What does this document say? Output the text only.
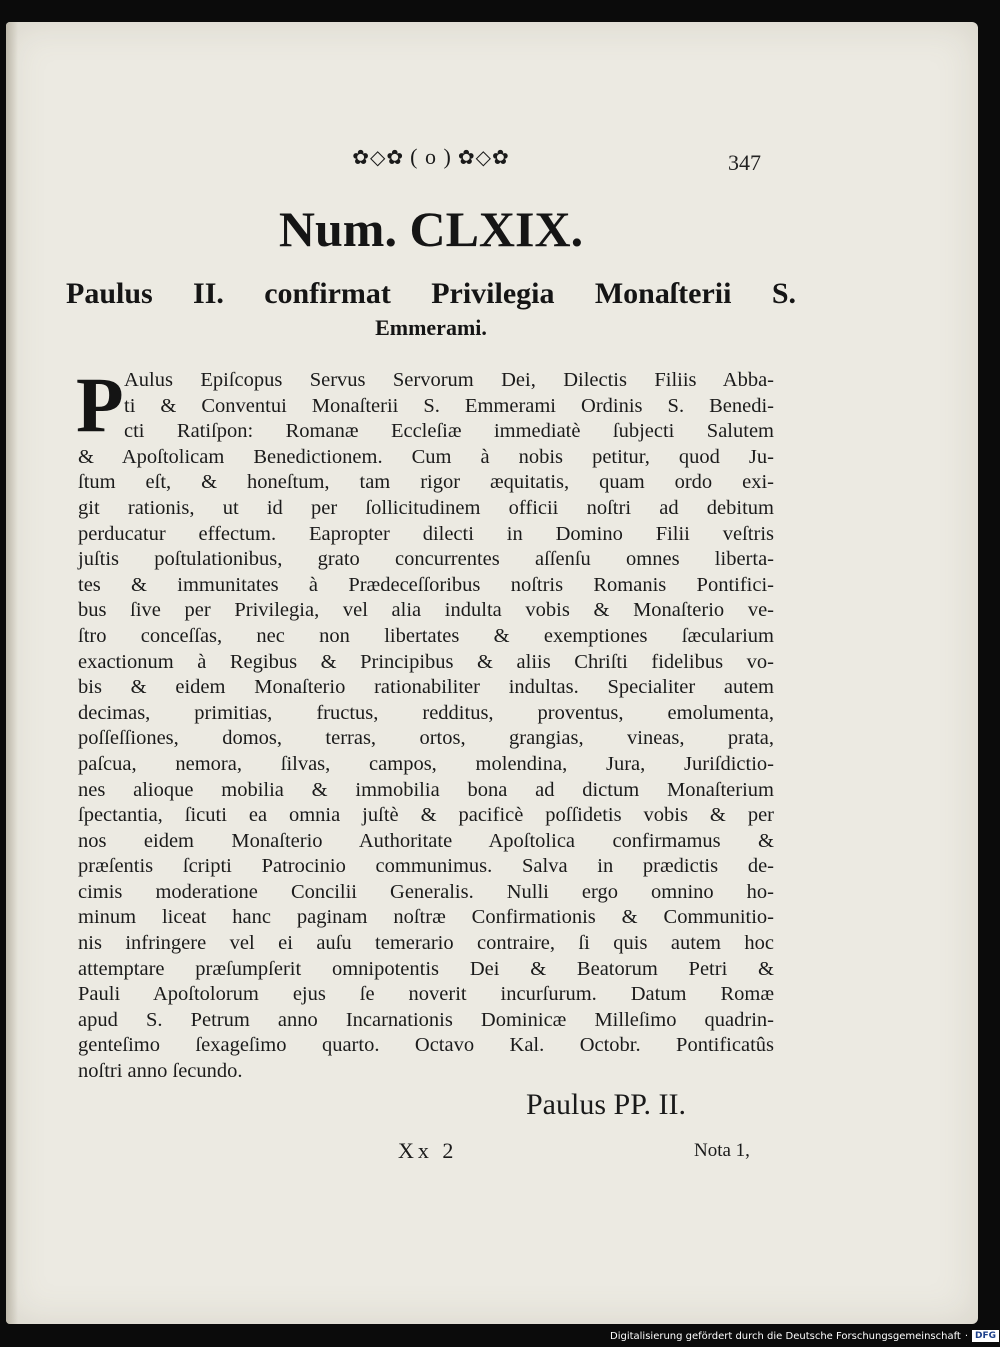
✿◇✿ ( o ) ✿◇✿	347
Num. CLXIX.
Paulus II. confirmat Privilegia Monaſterii S.
Emmerami.
P Aulus Epiſcopus Servus Servorum Dei, Dilectis Filiis Abba-
ti & Conventui Monaſterii S. Emmerami Ordinis S. Benedi-
cti Ratiſpon: Romanæ Eccleſiæ immediatè ſubjecti Salutem
& Apoſtolicam Benedictionem. Cum à nobis petitur, quod Ju-
ſtum eſt, & honeſtum, tam rigor æquitatis, quam ordo exi-
git rationis, ut id per ſollicitudinem officii noſtri ad debitum
perducatur effectum. Eapropter dilecti in Domino Filii veſtris
juſtis poſtulationibus, grato concurrentes aſſenſu omnes liberta-
tes & immunitates à Prædeceſſoribus noſtris Romanis Pontifici-
bus ſive per Privilegia, vel alia indulta vobis & Monaſterio ve-
ſtro conceſſas, nec non libertates & exemptiones ſæcularium
exactionum à Regibus & Principibus & aliis Chriſti fidelibus vo-
bis & eidem Monaſterio rationabiliter indultas. Specialiter autem
decimas, primitias, fructus, redditus, proventus, emolumenta,
poſſeſſiones, domos, terras, ortos, grangias, vineas, prata,
paſcua, nemora, ſilvas, campos, molendina, Jura, Juriſdictio-
nes alioque mobilia & immobilia bona ad dictum Monaſterium
ſpectantia, ſicuti ea omnia juſtè & pacificè poſſidetis vobis & per
nos eidem Monaſterio Authoritate Apoſtolica confirmamus &
præſentis ſcripti Patrocinio communimus. Salva in prædictis de-
cimis moderatione Concilii Generalis. Nulli ergo omnino ho-
minum liceat hanc paginam noſtræ Confirmationis & Communitio-
nis infringere vel ei auſu temerario contraire, ſi quis autem hoc
attemptare præſumpſerit omnipotentis Dei & Beatorum Petri &
Pauli Apoſtolorum ejus ſe noverit incurſurum. Datum Romæ
apud S. Petrum anno Incarnationis Dominicæ Milleſimo quadrin-
genteſimo ſexageſimo quarto. Octavo Kal. Octobr. Pontificatûs
noſtri anno ſecundo.
Paulus PP. II.
Xx 2	Nota 1,
Digitalisierung gefördert durch die Deutsche Forschungsgemeinschaft · DFG
